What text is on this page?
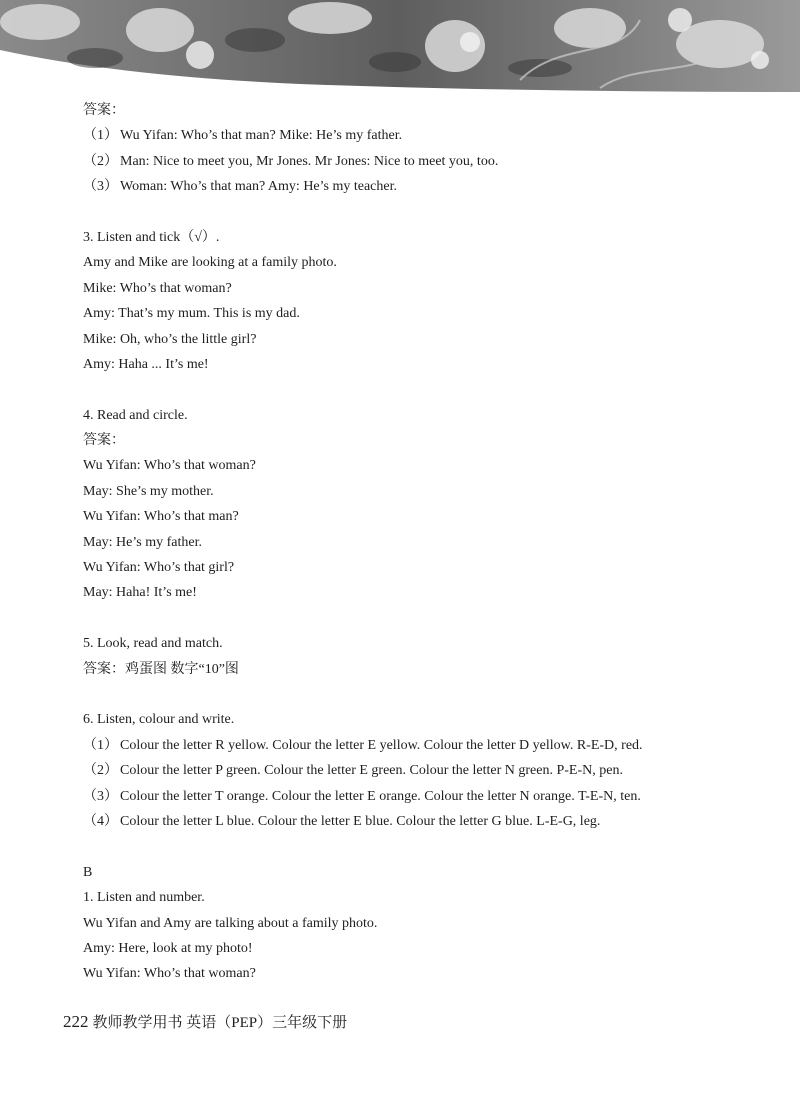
答案：
（1） Wu Yifan: Who’s that man? Mike: He’s my father.
（2） Man: Nice to meet you, Mr Jones. Mr Jones: Nice to meet you, too.
（3） Woman: Who’s that man? Amy: He’s my teacher.
3. Listen and tick（√）.
Amy and Mike are looking at a family photo.
Mike: Who’s that woman?
Amy: That’s my mum. This is my dad.
Mike: Oh, who’s the little girl?
Amy: Haha ... It’s me!
4. Read and circle.
答案：
Wu Yifan: Who’s that woman?
May: She’s my mother.
Wu Yifan: Who’s that man?
May: He’s my father.
Wu Yifan: Who’s that girl?
May: Haha! It’s me!
5. Look, read and match.
答案：鸡蛋图 数字“10”图
6. Listen, colour and write.
（1） Colour the letter R yellow. Colour the letter E yellow. Colour the letter D yellow. R-E-D, red.
（2） Colour the letter P green. Colour the letter E green. Colour the letter N green. P-E-N, pen.
（3） Colour the letter T orange. Colour the letter E orange. Colour the letter N orange. T-E-N, ten.
（4） Colour the letter L blue. Colour the letter E blue. Colour the letter G blue. L-E-G, leg.
B
1. Listen and number.
Wu Yifan and Amy are talking about a family photo.
Amy: Here, look at my photo!
Wu Yifan: Who’s that woman?
222 教师教学用书 英语（PEP）三年级下册
